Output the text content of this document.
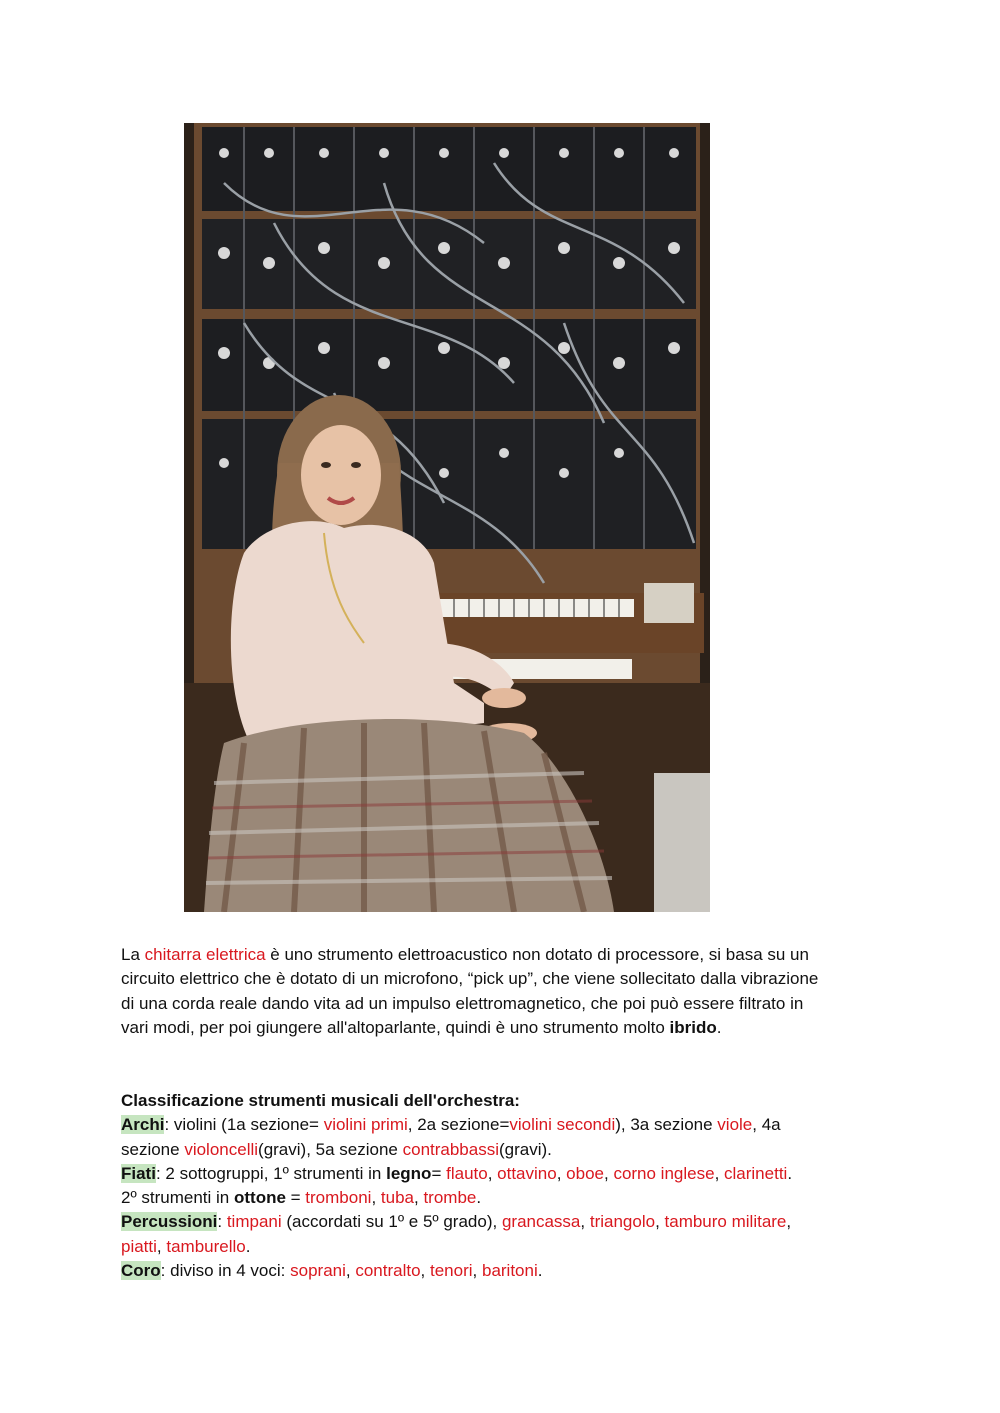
La chitarra elettrica è uno strumento elettroacustico non dotato di processore, si basa su un
circuito elettrico che è dotato di un microfono, “pick up”, che viene sollecitato dalla vibrazione
di una corda reale dando vita ad un impulso elettromagnetico, che poi può essere filtrato in
vari modi, per poi giungere all'altoparlante, quindi è uno strumento molto ibrido.

Classificazione strumenti musicali dell'orchestra:
Archi: violini (1a sezione= violini primi, 2a sezione=violini secondi), 3a sezione viole, 4a
sezione violoncelli(gravi), 5a sezione contrabbassi(gravi).
Fiati: 2 sottogruppi, 1º strumenti in legno= flauto, ottavino, oboe, corno inglese, clarinetti.
2º strumenti in ottone = tromboni, tuba, trombe.
Percussioni: timpani (accordati su 1º e 5º grado), grancassa, triangolo, tamburo militare,
piatti, tamburello.
Coro: diviso in 4 voci: soprani, contralto, tenori, baritoni.
